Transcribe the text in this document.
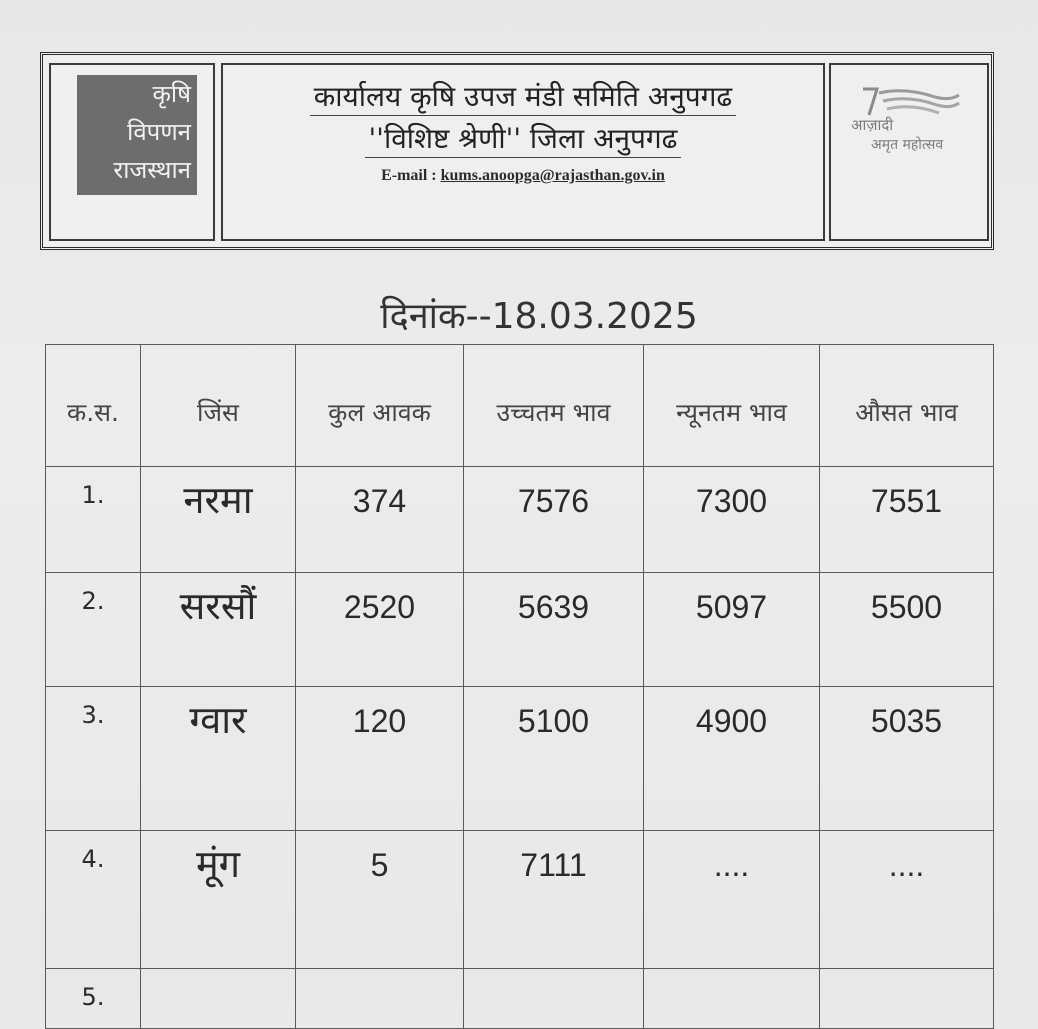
कृषि
विपणन
राजस्थान
कार्यालय कृषि उपज मंडी समिति अनुपगढ
''विशिष्ट श्रेणी'' जिला अनुपगढ
E-mail : kums.anoopga@rajasthan.gov.in
आज़ादी
अमृत महोत्सव
दिनांक--18.03.2025
क.स.	जिंस	कुल आवक	उच्चतम भाव	न्यूनतम भाव	औसत भाव
1.	नरमा	374	7576	7300	7551
2.	सरसौं	2520	5639	5097	5500
3.	ग्वार	120	5100	4900	5035
4.	मूंग	5	7111	....	....
5.					
